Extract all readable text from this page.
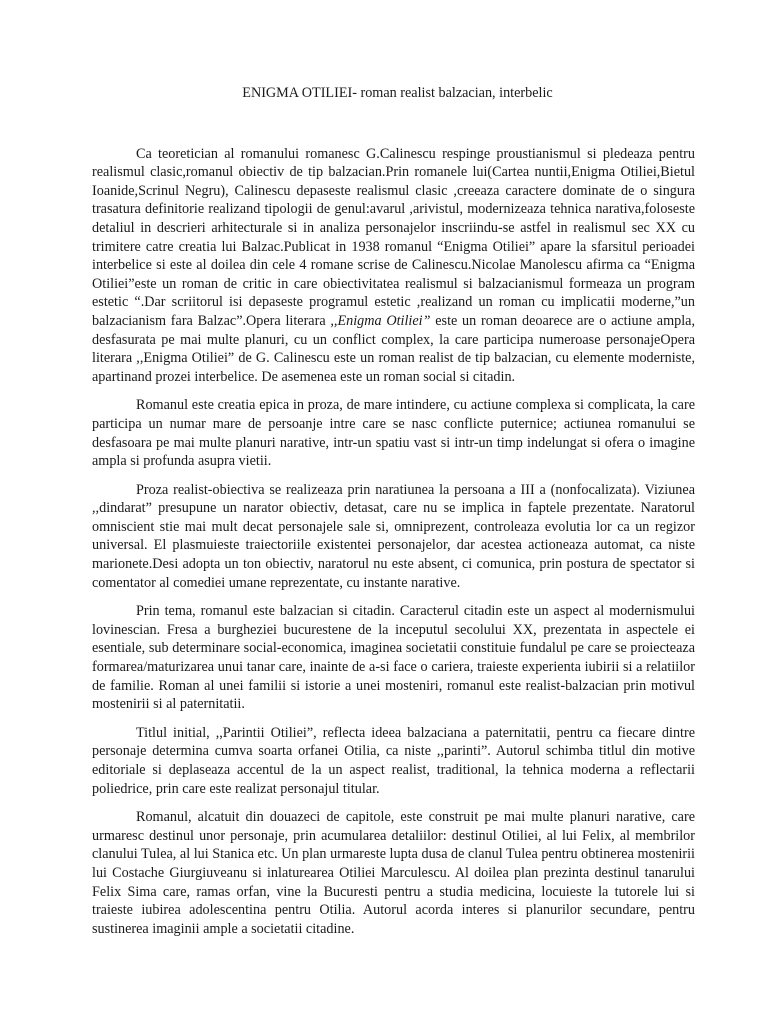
ENIGMA OTILIEI- roman realist balzacian, interbelic

Ca teoretician al romanului romanesc G.Calinescu respinge proustianismul si pledeaza pentru realismul clasic,romanul obiectiv de tip balzacian.Prin romanele lui(Cartea nuntii,Enigma Otiliei,Bietul Ioanide,Scrinul Negru), Calinescu depaseste realismul clasic ,creeaza caractere dominate de o singura trasatura definitorie realizand tipologii de genul:avarul ,arivistul, modernizeaza tehnica narativa,foloseste detaliul in descrieri arhitecturale si in analiza personajelor inscriindu-se astfel in realismul sec XX cu trimitere catre creatia lui Balzac.Publicat in 1938 romanul “Enigma Otiliei” apare la sfarsitul perioadei interbelice si este al doilea din cele 4 romane scrise de Calinescu.Nicolae Manolescu afirma ca “Enigma Otiliei”este un roman de critic in care obiectivitatea realismul si balzacianismul formeaza un program estetic “.Dar scriitorul isi depaseste programul estetic ,realizand un roman cu implicatii moderne,”un balzacianism fara Balzac”.Opera literara ,,Enigma Otiliei” este un roman deoarece are o actiune ampla, desfasurata pe mai multe planuri, cu un conflict complex, la care participa numeroase personajeOpera literara ,,Enigma Otiliei” de G. Calinescu este un roman realist de tip balzacian, cu elemente moderniste, apartinand prozei interbelice. De asemenea este un roman social si citadin.

Romanul este creatia epica in proza, de mare intindere, cu actiune complexa si complicata, la care participa un numar mare de persoanje intre care se nasc conflicte puternice; actiunea romanului se desfasoara pe mai multe planuri narative, intr-un spatiu vast si intr-un timp indelungat si ofera o imagine ampla si profunda asupra vietii.

Proza realist-obiectiva se realizeaza prin naratiunea la persoana a III a (nonfocalizata). Viziunea ,,dindarat” presupune un narator obiectiv, detasat, care nu se implica in faptele prezentate. Naratorul omniscient stie mai mult decat personajele sale si, omniprezent, controleaza evolutia lor ca un regizor universal. El plasmuieste traiectoriile existentei personajelor, dar acestea actioneaza automat, ca niste marionete.Desi adopta un ton obiectiv, naratorul nu este absent, ci comunica, prin postura de spectator si comentator al comediei umane reprezentate, cu instante narative.

Prin tema, romanul este balzacian si citadin. Caracterul citadin este un aspect al modernismului lovinescian. Fresa a burgheziei bucurestene de la inceputul secolului XX, prezentata in aspectele ei esentiale, sub determinare social-economica, imaginea societatii constituie fundalul pe care se proiecteaza formarea/maturizarea unui tanar care, inainte de a-si face o cariera, traieste experienta iubirii si a relatiilor de familie. Roman al unei familii si istorie a unei mosteniri, romanul este realist-balzacian prin motivul mostenirii si al paternitatii.

Titlul initial, ,,Parintii Otiliei”, reflecta ideea balzaciana a paternitatii, pentru ca fiecare dintre personaje determina cumva soarta orfanei Otilia, ca niste ,,parinti”. Autorul schimba titlul din motive editoriale si deplaseaza accentul de la un aspect realist, traditional, la tehnica moderna a reflectarii poliedrice, prin care este realizat personajul titular.

Romanul, alcatuit din douazeci de capitole, este construit pe mai multe planuri narative, care urmaresc destinul unor personaje, prin acumularea detaliilor: destinul Otiliei, al lui Felix, al membrilor clanului Tulea, al lui Stanica etc. Un plan urmareste lupta dusa de clanul Tulea pentru obtinerea mostenirii lui Costache Giurgiuveanu si inlaturearea Otiliei Marculescu. Al doilea plan prezinta destinul tanarului Felix Sima care, ramas orfan, vine la Bucuresti pentru a studia medicina, locuieste la tutorele lui si traieste iubirea adolescentina pentru Otilia. Autorul acorda interes si planurilor secundare, pentru sustinerea imaginii ample a societatii citadine.
